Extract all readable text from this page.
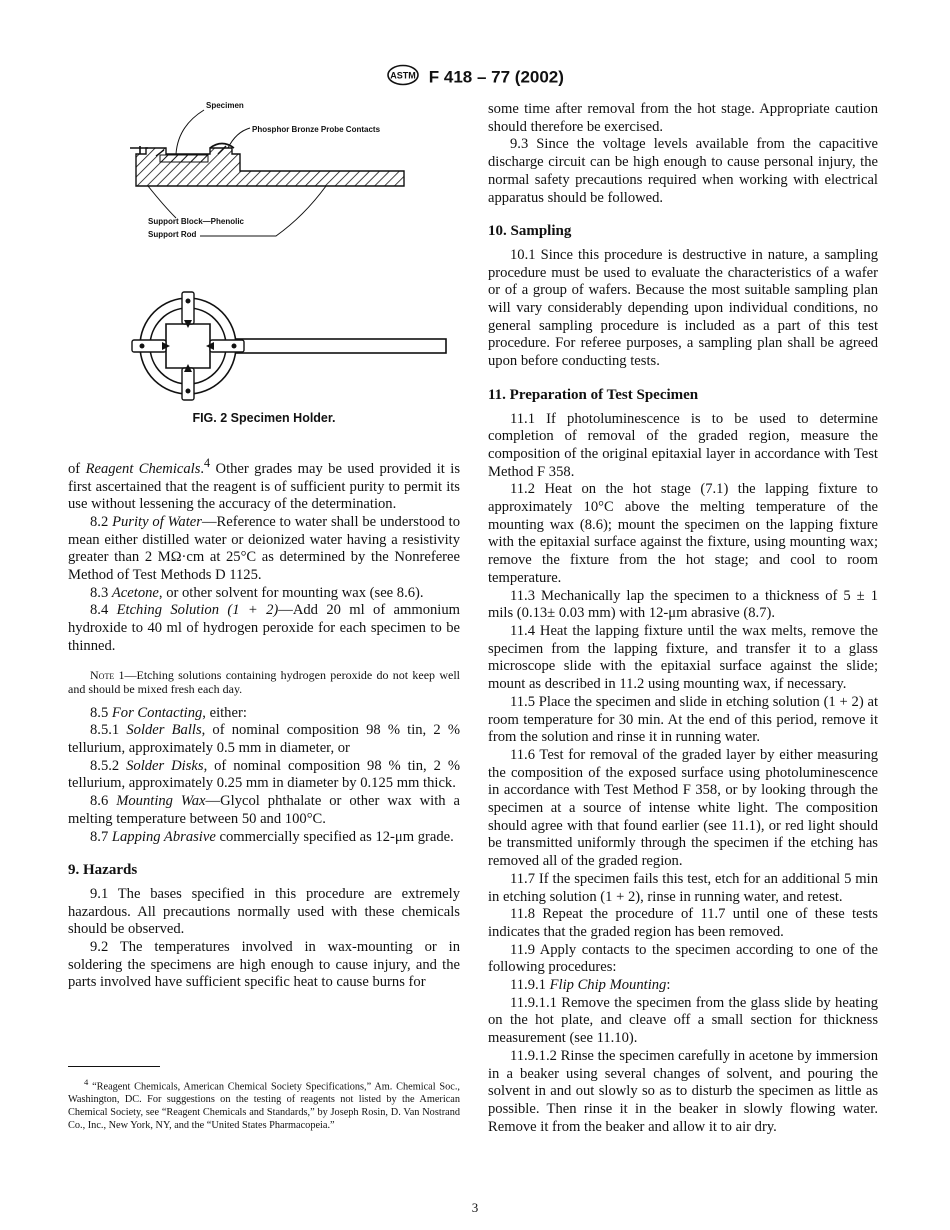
ASTM F 418 – 77 (2002)
Specimen
Phosphor Bronze Probe Contacts
Support Block—Phenolic
Support Rod
FIG. 2 Specimen Holder.

of Reagent Chemicals.$^4$ Other grades may be used provided it is first ascertained that the reagent is of sufficient purity to permit its use without lessening the accuracy of the determination.

8.2 Purity of Water—Reference to water shall be understood to mean either distilled water or deionized water having a resistivity greater than 2 MΩ·cm at 25°C as determined by the Nonreferee Method of Test Methods D 1125.

8.3 Acetone, or other solvent for mounting wax (see 8.6).

8.4 Etching Solution (1 + 2)—Add 20 ml of ammonium hydroxide to 40 ml of hydrogen peroxide for each specimen to be thinned.

Note 1—Etching solutions containing hydrogen peroxide do not keep well and should be mixed fresh each day.

8.5 For Contacting, either:

8.5.1 Solder Balls, of nominal composition 98 % tin, 2 % tellurium, approximately 0.5 mm in diameter, or

8.5.2 Solder Disks, of nominal composition 98 % tin, 2 % tellurium, approximately 0.25 mm in diameter by 0.125 mm thick.

8.6 Mounting Wax—Glycol phthalate or other wax with a melting temperature between 50 and 100°C.

8.7 Lapping Abrasive commercially specified as 12-μm grade.

9. Hazards

9.1 The bases specified in this procedure are extremely hazardous. All precautions normally used with these chemicals should be observed.

9.2 The temperatures involved in wax-mounting or in soldering the specimens are high enough to cause injury, and the parts involved have sufficient specific heat to cause burns for

$^4$ “Reagent Chemicals, American Chemical Society Specifications,” Am. Chemical Soc., Washington, DC. For suggestions on the testing of reagents not listed by the American Chemical Society, see “Reagent Chemicals and Standards,” by Joseph Rosin, D. Van Nostrand Co., Inc., New York, NY, and the “United States Pharmacopeia.”

some time after removal from the hot stage. Appropriate caution should therefore be exercised.

9.3 Since the voltage levels available from the capacitive discharge circuit can be high enough to cause personal injury, the normal safety precautions required when working with electrical apparatus should be followed.

10. Sampling

10.1 Since this procedure is destructive in nature, a sampling procedure must be used to evaluate the characteristics of a wafer or of a group of wafers. Because the most suitable sampling plan will vary considerably depending upon individual conditions, no general sampling procedure is included as a part of this test procedure. For referee purposes, a sampling plan shall be agreed upon before conducting tests.

11. Preparation of Test Specimen

11.1 If photoluminescence is to be used to determine completion of removal of the graded region, measure the composition of the original epitaxial layer in accordance with Test Method F 358.

11.2 Heat on the hot stage (7.1) the lapping fixture to approximately 10°C above the melting temperature of the mounting wax (8.6); mount the specimen on the lapping fixture with the epitaxial surface against the fixture, using mounting wax; remove the fixture from the hot stage; and cool to room temperature.

11.3 Mechanically lap the specimen to a thickness of 5 ± 1 mils (0.13± 0.03 mm) with 12-μm abrasive (8.7).

11.4 Heat the lapping fixture until the wax melts, remove the specimen from the lapping fixture, and transfer it to a glass microscope slide with the epitaxial surface against the slide; mount as described in 11.2 using mounting wax, if necessary.

11.5 Place the specimen and slide in etching solution (1 + 2) at room temperature for 30 min. At the end of this period, remove it from the solution and rinse it in running water.

11.6 Test for removal of the graded layer by either measuring the composition of the exposed surface using photoluminescence in accordance with Test Method F 358, or by looking through the specimen at a source of intense white light. The composition should agree with that found earlier (see 11.1), or red light should be transmitted uniformly through the specimen if the etching has removed all of the graded region.

11.7 If the specimen fails this test, etch for an additional 5 min in etching solution (1 + 2), rinse in running water, and retest.

11.8 Repeat the procedure of 11.7 until one of these tests indicates that the graded region has been removed.

11.9 Apply contacts to the specimen according to one of the following procedures:

11.9.1 Flip Chip Mounting:

11.9.1.1 Remove the specimen from the glass slide by heating on the hot plate, and cleave off a small section for thickness measurement (see 11.10).

11.9.1.2 Rinse the specimen carefully in acetone by immersion in a beaker using several changes of solvent, and pouring the solvent in and out slowly so as to disturb the specimen as little as possible. Then rinse it in the beaker in slowly flowing water. Remove it from the beaker and allow it to air dry.

3
